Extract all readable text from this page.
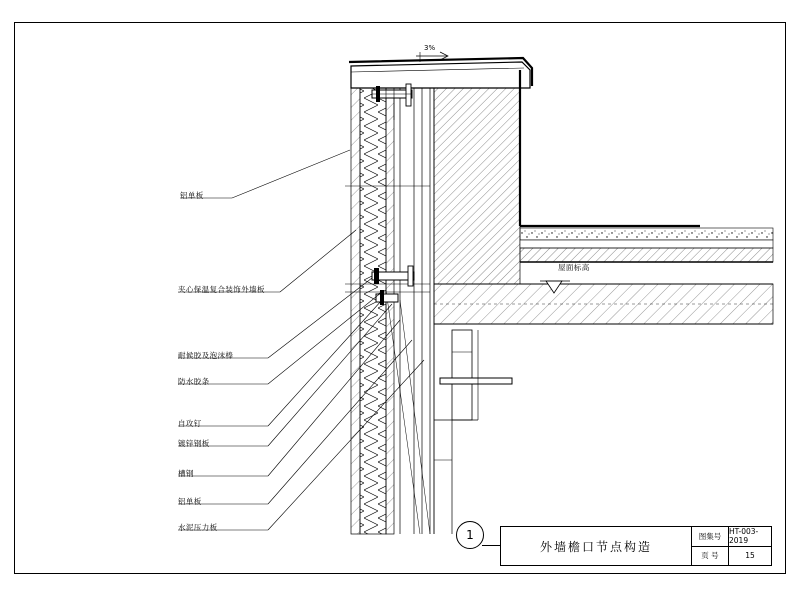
铝单板
夹心保温复合装饰外墙板
耐候胶及泡沫棒
防水胶条
自攻钉
镀锌钢板
槽钢
铝单板
水泥压力板
3%
屋面标高
1
外墙檐口节点构造
图集号	HT-003-2019
页 号	15
